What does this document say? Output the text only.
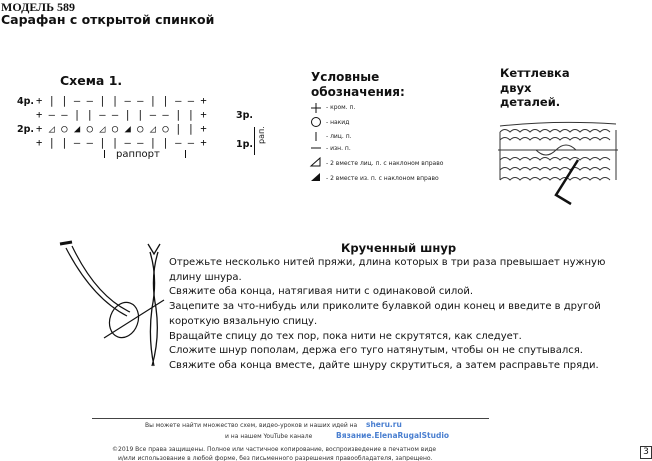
МОДЕЛЬ 589
Сарафан с открытой спинкой
Схема 1.
4р.
2р.
+ | | — — | | — — | | — — +
+ — — | | — — | | — — | | +
+ ◿ ○ ◢ ○ ◿ ○ ◢ ○ ◿ ○ | | +
+ | | — — | | — — | | — — +
3р.
1р.
рап.
раппорт
Условные обозначения:
- кром. п.
- накид
- лиц. п.
- изн. п.
- 2 вместе лиц. п. с наклоном вправо
- 2 вместе из. п. с наклоном вправо
Кеттлевка двух деталей.
Крученный шнур

Отрежьте несколько нитей пряжи, длина которых в три раза превышает нужную длину шнура.

Свяжите оба конца, натягивая нити с одинаковой силой.

Зацепите за что-нибудь или приколите булавкой один конец и введите в другой короткую вязальную спицу.

Вращайте спицу до тех пор, пока нити не скрутятся, как следует.

Сложите шнур пополам, держа его туго натянутым, чтобы он не спутывался.

Свяжите оба конца вместе, дайте шнуру скрутиться, а затем расправьте пряди.

Вы можете найти множество схем, видео-уроков и наших идей на sheru.ru
и на нашем YouTube канале	Вязание.ElenaRugalStudio
©2019 Все права защищены. Полное или частичное копирование, воспроизведение в печатном виде
и/или использование в любой форме, без письменного разрешения правообладателя, запрещено.
3
